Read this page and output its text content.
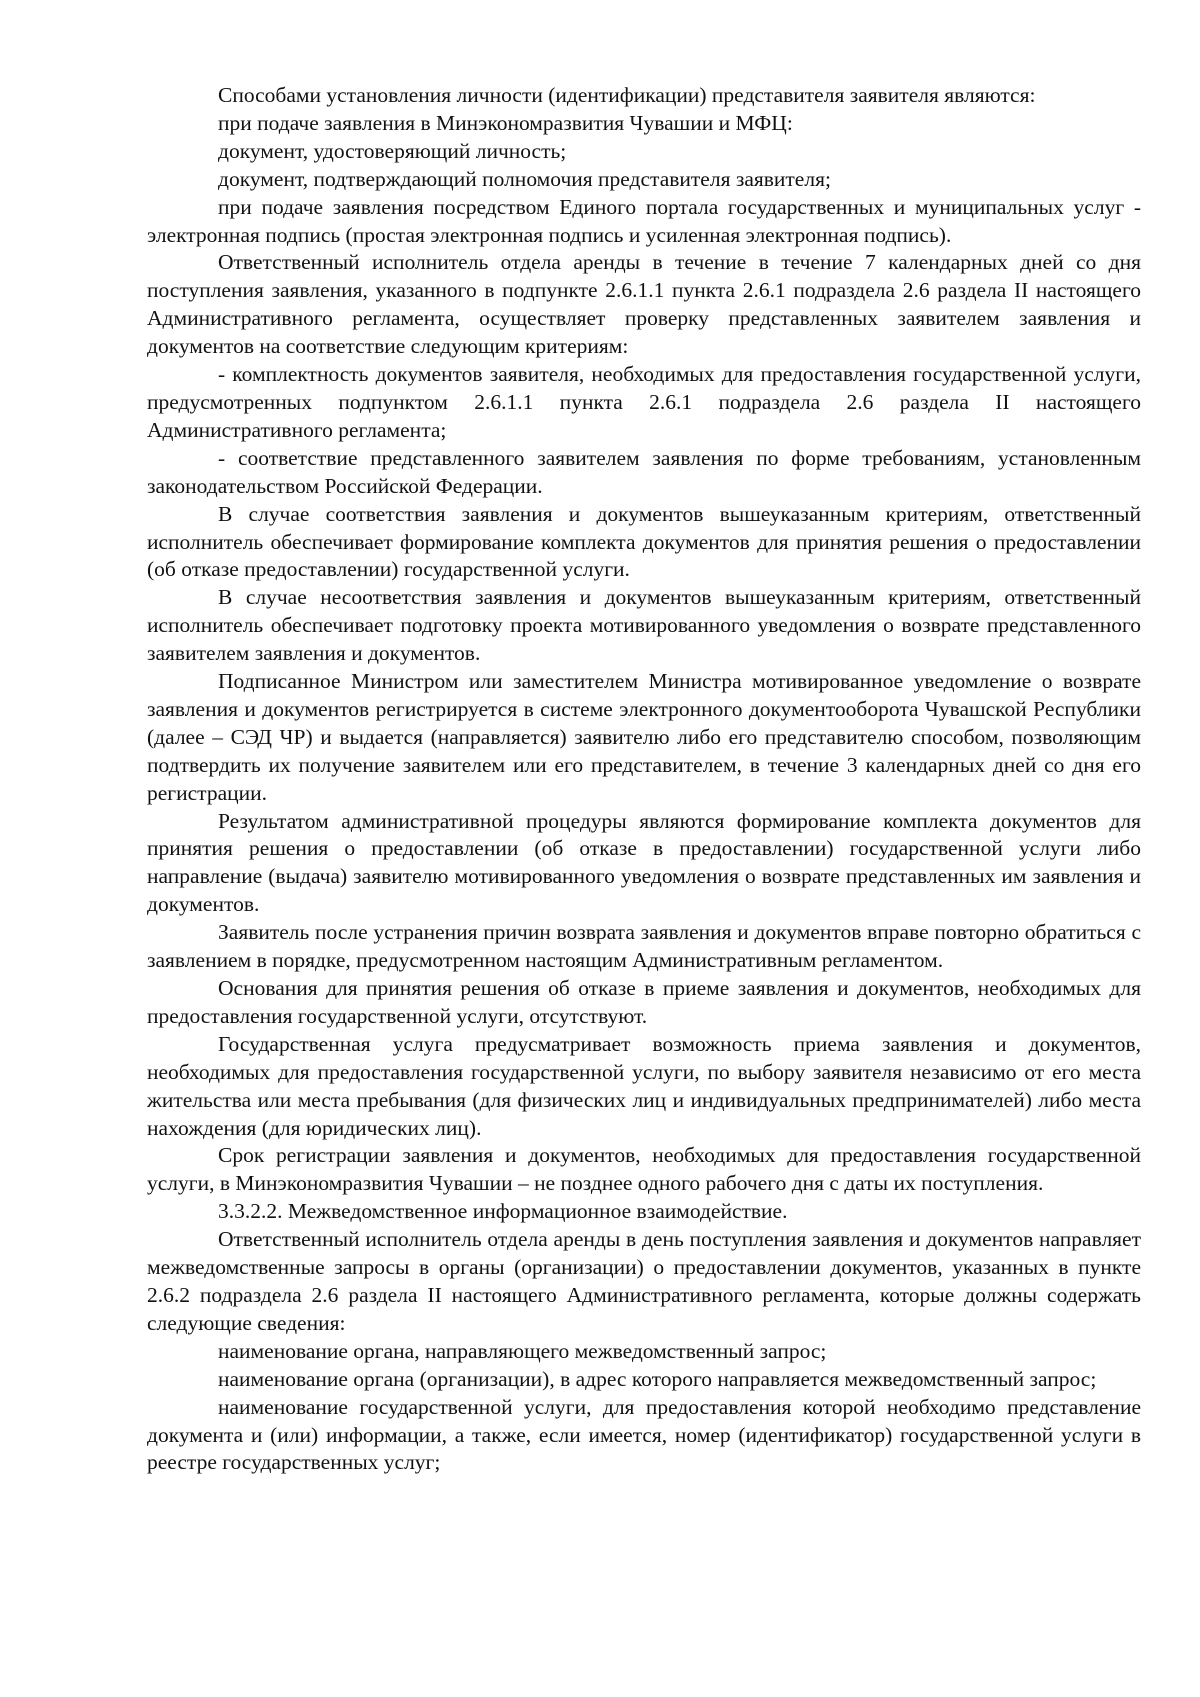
Способами установления личности (идентификации) представителя заявителя являются:

при подаче заявления в Минэкономразвития Чувашии и МФЦ:

документ, удостоверяющий личность;

документ, подтверждающий полномочия представителя заявителя;

при подаче заявления посредством Единого портала государственных и муниципальных услуг - электронная подпись (простая электронная подпись и усиленная электронная подпись).

Ответственный исполнитель отдела аренды в течение в течение 7 календарных дней со дня поступления заявления, указанного в подпункте 2.6.1.1 пункта 2.6.1 подраздела 2.6 раздела II настоящего Административного регламента, осуществляет проверку представленных заявителем заявления и документов на соответствие следующим критериям:

- комплектность документов заявителя, необходимых для предоставления государственной услуги, предусмотренных подпунктом 2.6.1.1 пункта 2.6.1 подраздела 2.6 раздела II настоящего Административного регламента;

- соответствие представленного заявителем заявления по форме требованиям, установленным законодательством Российской Федерации.

В случае соответствия заявления и документов вышеуказанным критериям, ответственный исполнитель обеспечивает формирование комплекта документов для принятия решения о предоставлении (об отказе предоставлении) государственной услуги.

В случае несоответствия заявления и документов вышеуказанным критериям, ответственный исполнитель обеспечивает подготовку проекта мотивированного уведомления о возврате представленного заявителем заявления и документов.

Подписанное Министром или заместителем Министра мотивированное уведомление о возврате заявления и документов регистрируется в системе электронного документооборота Чувашской Республики (далее – СЭД ЧР) и выдается (направляется) заявителю либо его представителю способом, позволяющим подтвердить их получение заявителем или его представителем, в течение 3 календарных дней со дня его регистрации.

Результатом административной процедуры являются формирование комплекта документов для принятия решения о предоставлении (об отказе в предоставлении) государственной услуги либо направление (выдача) заявителю мотивированного уведомления о возврате представленных им заявления и документов.

Заявитель после устранения причин возврата заявления и документов вправе повторно обратиться с заявлением в порядке, предусмотренном настоящим Административным регламентом.

Основания для принятия решения об отказе в приеме заявления и документов, необходимых для предоставления государственной услуги, отсутствуют.

Государственная услуга предусматривает возможность приема заявления и документов, необходимых для предоставления государственной услуги, по выбору заявителя независимо от его места жительства или места пребывания (для физических лиц и индивидуальных предпринимателей) либо места нахождения (для юридических лиц).

Срок регистрации заявления и документов, необходимых для предоставления государственной услуги, в Минэкономразвития Чувашии – не позднее одного рабочего дня с даты их поступления.

3.3.2.2. Межведомственное информационное взаимодействие.

Ответственный исполнитель отдела аренды в день поступления заявления и документов направляет межведомственные запросы в органы (организации) о предоставлении документов, указанных в пункте 2.6.2 подраздела 2.6 раздела II настоящего Административного регламента, которые должны содержать следующие сведения:

наименование органа, направляющего межведомственный запрос;

наименование органа (организации), в адрес которого направляется межведомственный запрос;

наименование государственной услуги, для предоставления которой необходимо представление документа и (или) информации, а также, если имеется, номер (идентификатор) государственной услуги в реестре государственных услуг;
